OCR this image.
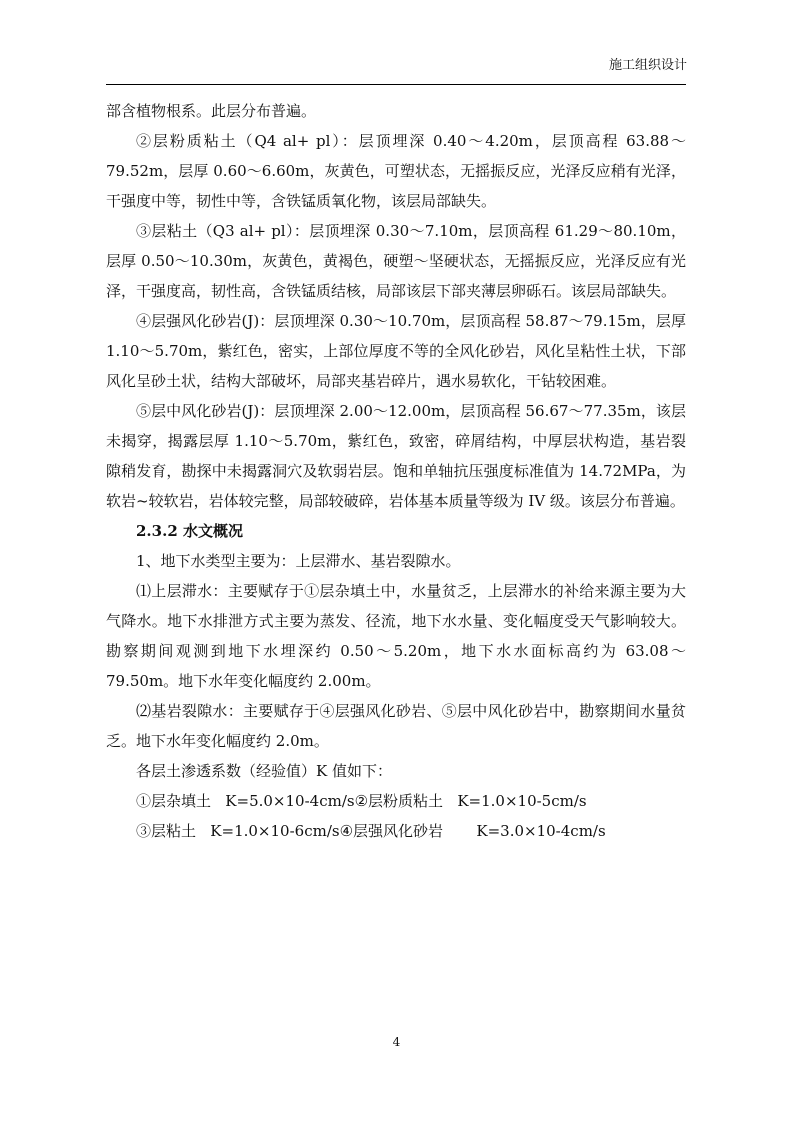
施工组织设计

部含植物根系。此层分布普遍。

②层粉质粘土（Q4 al+ pl）：层顶埋深 0.40～4.20m，层顶高程 63.88～79.52m，层厚 0.60～6.60m，灰黄色，可塑状态，无摇振反应，光泽反应稍有光泽，干强度中等，韧性中等，含铁锰质氧化物，该层局部缺失。

③层粘土（Q3 al+ pl）：层顶埋深 0.30～7.10m，层顶高程 61.29～80.10m，层厚 0.50～10.30m，灰黄色，黄褐色，硬塑～坚硬状态，无摇振反应，光泽反应有光泽，干强度高，韧性高，含铁锰质结核，局部该层下部夹薄层卵砾石。该层局部缺失。

④层强风化砂岩(J)：层顶埋深 0.30～10.70m，层顶高程 58.87～79.15m，层厚 1.10～5.70m，紫红色，密实，上部位厚度不等的全风化砂岩，风化呈粘性土状，下部风化呈砂土状，结构大部破坏，局部夹基岩碎片，遇水易软化，干钻较困难。

⑤层中风化砂岩(J)：层顶埋深 2.00～12.00m，层顶高程 56.67～77.35m，该层未揭穿，揭露层厚 1.10～5.70m，紫红色，致密，碎屑结构，中厚层状构造，基岩裂隙稍发育，勘探中未揭露洞穴及软弱岩层。饱和单轴抗压强度标准值为 14.72MPa，为软岩~较软岩，岩体较完整，局部较破碎，岩体基本质量等级为 IV 级。该层分布普遍。

2.3.2 水文概况

1、地下水类型主要为：上层滞水、基岩裂隙水。

⑴上层滞水：主要赋存于①层杂填土中，水量贫乏，上层滞水的补给来源主要为大气降水。地下水排泄方式主要为蒸发、径流，地下水水量、变化幅度受天气影响较大。勘察期间观测到地下水埋深约 0.50～5.20m，地下水水面标高约为 63.08～79.50m。地下水年变化幅度约 2.00m。

⑵基岩裂隙水：主要赋存于④层强风化砂岩、⑤层中风化砂岩中，勘察期间水量贫乏。地下水年变化幅度约 2.0m。

各层土渗透系数（经验值）K 值如下：

①层杂填土   K=5.0×10-4cm/s②层粉质粘土   K=1.0×10-5cm/s

③层粘土   K=1.0×10-6cm/s④层强风化砂岩       K=3.0×10-4cm/s

4
